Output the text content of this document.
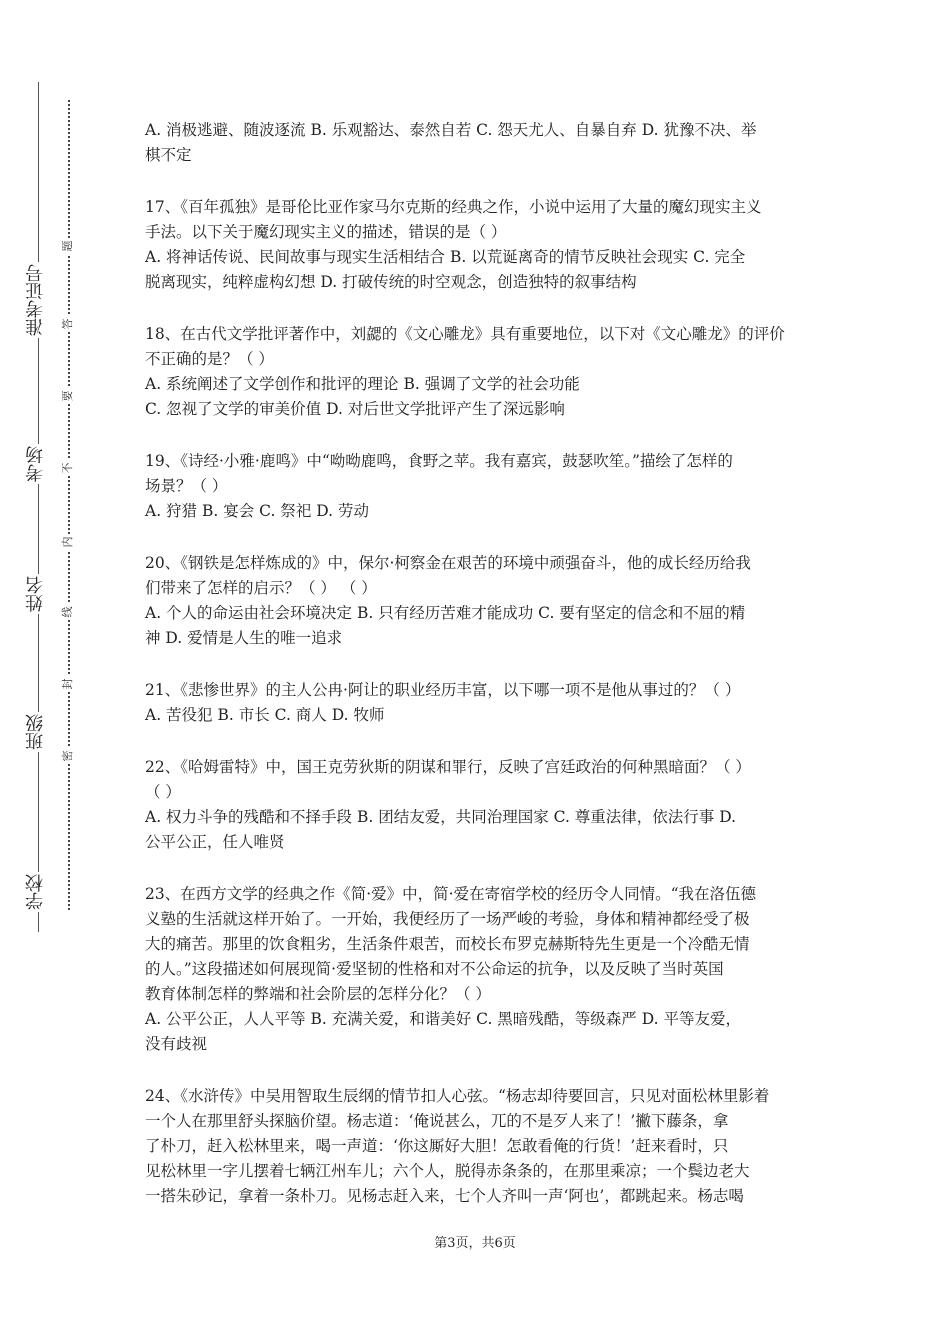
准考证号
考场
姓名
班级
学校
题
答
要
不
内
线
封
密
A. 消极逃避、随波逐流 B. 乐观豁达、泰然自若 C. 怨天尤人、自暴自弃 D. 犹豫不决、举
棋不定
17、《百年孤独》是哥伦比亚作家马尔克斯的经典之作，小说中运用了大量的魔幻现实主义
手法。以下关于魔幻现实主义的描述，错误的是（ ）
A. 将神话传说、民间故事与现实生活相结合 B. 以荒诞离奇的情节反映社会现实 C. 完全
脱离现实，纯粹虚构幻想 D. 打破传统的时空观念，创造独特的叙事结构
18、在古代文学批评著作中，刘勰的《文心雕龙》具有重要地位，以下对《文心雕龙》的评价
不正确的是？（ ）
A. 系统阐述了文学创作和批评的理论 B. 强调了文学的社会功能
C. 忽视了文学的审美价值 D. 对后世文学批评产生了深远影响
19、《诗经·小雅·鹿鸣》中“呦呦鹿鸣，食野之苹。我有嘉宾，鼓瑟吹笙。”描绘了怎样的
场景？（ ）
A. 狩猎 B. 宴会 C. 祭祀 D. 劳动
20、《钢铁是怎样炼成的》中，保尔·柯察金在艰苦的环境中顽强奋斗，他的成长经历给我
们带来了怎样的启示？（ ） （ ）
A. 个人的命运由社会环境决定 B. 只有经历苦难才能成功 C. 要有坚定的信念和不屈的精
神 D. 爱情是人生的唯一追求
21、《悲惨世界》的主人公冉·阿让的职业经历丰富，以下哪一项不是他从事过的？（ ）
A. 苦役犯 B. 市长 C. 商人 D. 牧师
22、《哈姆雷特》中，国王克劳狄斯的阴谋和罪行，反映了宫廷政治的何种黑暗面？（ ）
（ ）
A. 权力斗争的残酷和不择手段 B. 团结友爱，共同治理国家 C. 尊重法律，依法行事 D.
公平公正，任人唯贤
23、在西方文学的经典之作《简·爱》中，简·爱在寄宿学校的经历令人同情。“我在洛伍德
义塾的生活就这样开始了。一开始，我便经历了一场严峻的考验，身体和精神都经受了极
大的痛苦。那里的饮食粗劣，生活条件艰苦，而校长布罗克赫斯特先生更是一个冷酷无情
的人。”这段描述如何展现简·爱坚韧的性格和对不公命运的抗争，以及反映了当时英国
教育体制怎样的弊端和社会阶层的怎样分化？（ ）
A. 公平公正，人人平等 B. 充满关爱，和谐美好 C. 黑暗残酷，等级森严 D. 平等友爱，
没有歧视
24、《水浒传》中吴用智取生辰纲的情节扣人心弦。“杨志却待要回言，只见对面松林里影着
一个人在那里舒头探脑价望。杨志道：‘俺说甚么，兀的不是歹人来了！’撇下藤条，拿
了朴刀，赶入松林里来，喝一声道：‘你这厮好大胆！怎敢看俺的行货！’赶来看时，只
见松林里一字儿摆着七辆江州车儿；六个人，脱得赤条条的，在那里乘凉；一个鬓边老大
一搭朱砂记，拿着一条朴刀。见杨志赶入来，七个人齐叫一声‘阿也’，都跳起来。杨志喝
第3页，共6页
